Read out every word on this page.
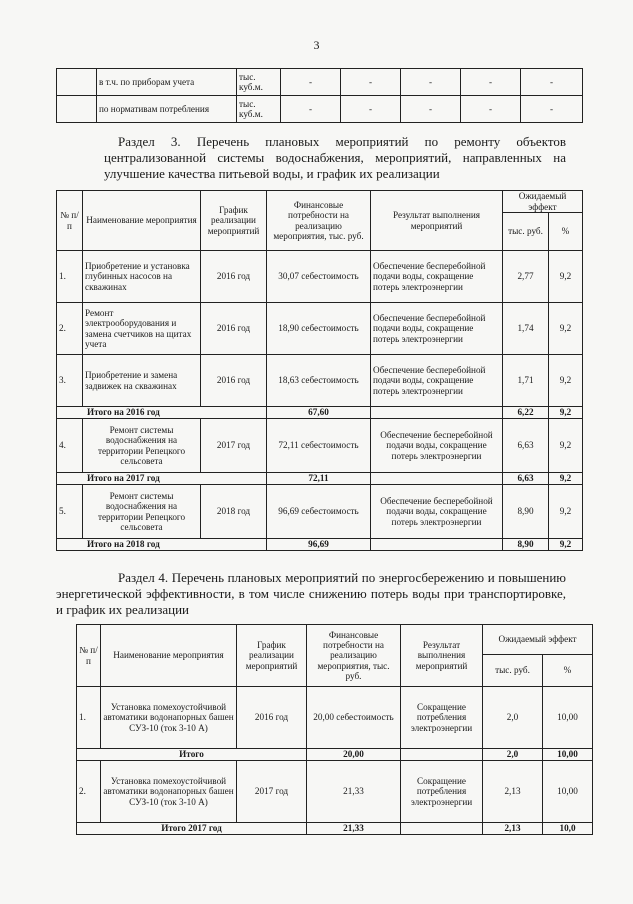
3
	в т.ч. по приборам учета	тыс. куб.м.	-	-	-	-	-
	по нормативам потребления	тыс. куб.м.	-	-	-	-	-
Раздел 3. Перечень плановых мероприятий по ремонту объектов централизованной системы водоснабжения, мероприятий, направленных на улучшение качества питьевой воды, и график их реализации
№ п/п	Наименование мероприятия	График реализации мероприятий	Финансовые потребности на реализацию мероприятия, тыс. руб.	Результат выполнения мероприятий	Ожидаемый эффект	
					тыс. руб.	%
1.	Приобретение и установка глубинных насосов на скважинах	2016 год	30,07 себестоимость	Обеспечение бесперебойной подачи воды, сокращение потерь электроэнергии	2,77	9,2
2.	Ремонт электрооборудования и замена счетчиков на щитах учета	2016 год	18,90 себестоимость	Обеспечение бесперебойной подачи воды, сокращение потерь электроэнергии	1,74	9,2
3.	Приобретение и замена задвижек на скважинах	2016 год	18,63 себестоимость	Обеспечение бесперебойной подачи воды, сокращение потерь электроэнергии	1,71	9,2
Итого на 2016 год			67,60		6,22	9,2
4.	Ремонт системы водоснабжения на территории Репецкого сельсовета	2017 год	72,11 себестоимость	Обеспечение бесперебойной подачи воды, сокращение потерь электроэнергии	6,63	9,2
Итого на 2017 год			72,11		6,63	9,2
5.	Ремонт системы водоснабжения на территории Репецкого сельсовета	2018 год	96,69 себестоимость	Обеспечение бесперебойной подачи воды, сокращение потерь электроэнергии	8,90	9,2
Итого на 2018 год			96,69		8,90	9,2
Раздел 4. Перечень плановых мероприятий по энергосбережению и повышению энергетической эффективности, в том числе снижению потерь воды при транспортировке, и график их реализации
№ п/п	Наименование мероприятия	График реализации мероприятий	Финансовые потребности на реализацию мероприятия, тыс. руб.	Результат выполнения мероприятий	Ожидаемый эффект	
					тыс. руб.	%
1.	Установка помехоустойчивой автоматики водонапорных башен СУЗ-10 (ток 3-10 А)	2016 год	20,00 себестоимость	Сокращение потребления электроэнергии	2,0	10,00
Итого			20,00		2,0	10,00
2.	Установка помехоустойчивой автоматики водонапорных башен СУЗ-10 (ток 3-10 А)	2017 год	21,33	Сокращение потребления электроэнергии	2,13	10,00
Итого 2017 год			21,33		2,13	10,0
